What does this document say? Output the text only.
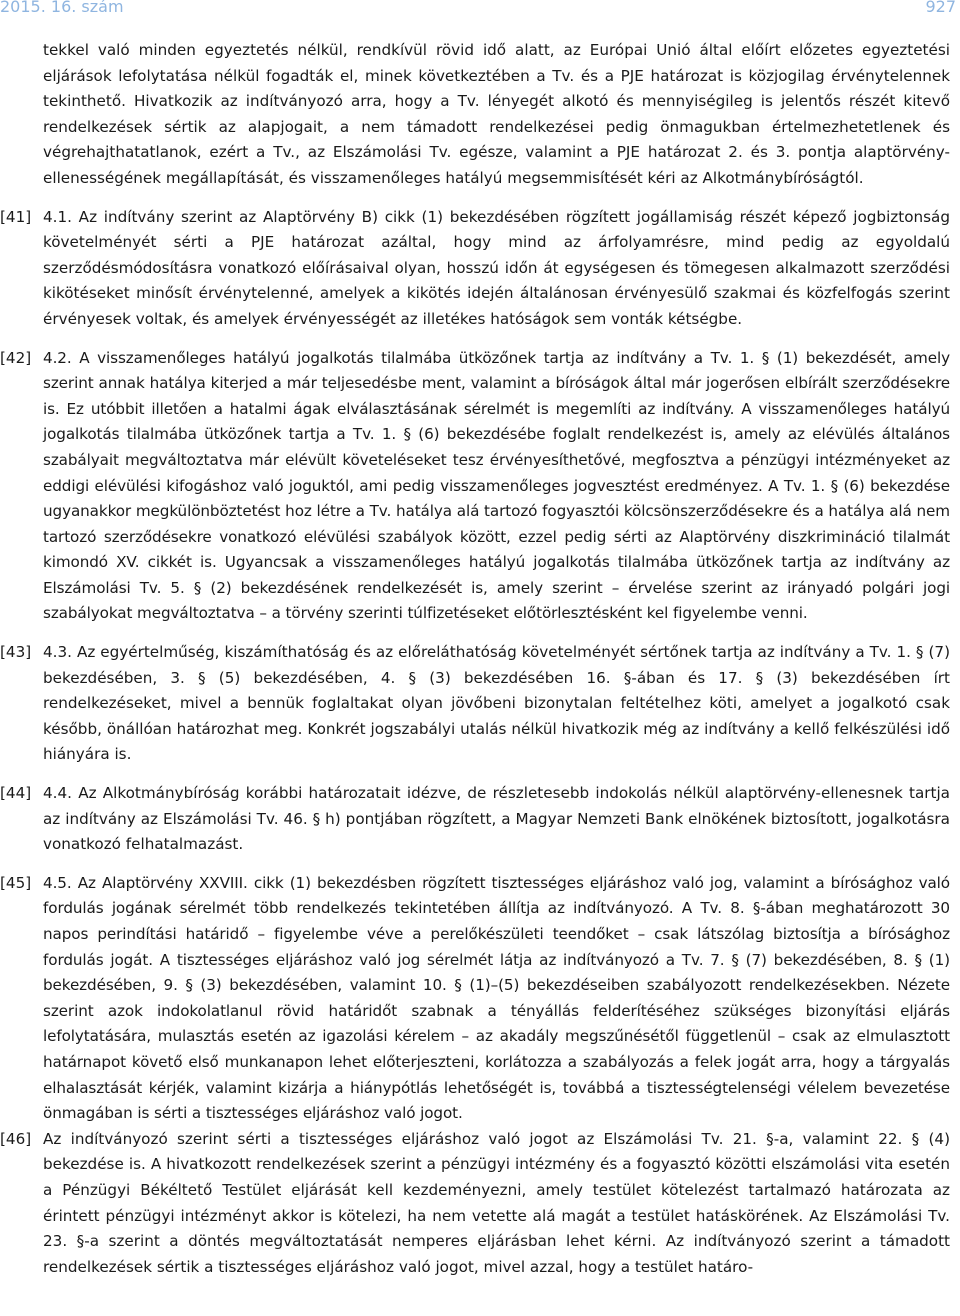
2015. 16. szám	927
tekkel való minden egyeztetés nélkül, rendkívül rövid idő alatt, az Európai Unió által előírt előzetes egyeztetési eljárások lefolytatása nélkül fogadták el, minek következtében a Tv. és a PJE határozat is közjogilag érvénytelennek tekinthető. Hivatkozik az indítványozó arra, hogy a Tv. lényegét alkotó és mennyiségileg is jelentős részét kitevő rendelkezések sértik az alapjogait, a nem támadott rendelkezései pedig önmagukban értelmezhetetlenek és végrehajthatatlanok, ezért a Tv., az Elszámolási Tv. egésze, valamint a PJE határozat 2. és 3. pontja alaptörvény-ellenességének megállapítását, és visszamenőleges hatályú megsemmisítését kéri az Alkotmánybíróságtól.
[41] 4.1. Az indítvány szerint az Alaptörvény B) cikk (1) bekezdésében rögzített jogállamiság részét képező jogbiztonság követelményét sérti a PJE határozat azáltal, hogy mind az árfolyamrésre, mind pedig az egyoldalú szerződésmódosításra vonatkozó előírásaival olyan, hosszú időn át egységesen és tömegesen alkalmazott szerződési kikötéseket minősít érvénytelenné, amelyek a kikötés idején általánosan érvényesülő szakmai és közfelfogás szerint érvényesek voltak, és amelyek érvényességét az illetékes hatóságok sem vonták kétségbe.
[42] 4.2. A visszamenőleges hatályú jogalkotás tilalmába ütközőnek tartja az indítvány a Tv. 1. § (1) bekezdését, amely szerint annak hatálya kiterjed a már teljesedésbe ment, valamint a bíróságok által már jogerősen elbírált szerződésekre is. Ez utóbbit illetően a hatalmi ágak elválasztásának sérelmét is megemlíti az indítvány. A visszamenőleges hatályú jogalkotás tilalmába ütközőnek tartja a Tv. 1. § (6) bekezdésébe foglalt rendelkezést is, amely az elévülés általános szabályait megváltoztatva már elévült követeléseket tesz érvényesíthetővé, megfosztva a pénzügyi intézményeket az eddigi elévülési kifogáshoz való joguktól, ami pedig visszamenőleges jogvesztést eredményez. A Tv. 1. § (6) bekezdése ugyanakkor megkülönböztetést hoz létre a Tv. hatálya alá tartozó fogyasztói kölcsönszerződésekre és a hatálya alá nem tartozó szerződésekre vonatkozó elévülési szabályok között, ezzel pedig sérti az Alaptörvény diszkrimináció tilalmát kimondó XV. cikkét is. Ugyancsak a visszamenőleges hatályú jogalkotás tilalmába ütközőnek tartja az indítvány az Elszámolási Tv. 5. § (2) bekezdésének rendelkezését is, amely szerint – érvelése szerint az irányadó polgári jogi szabályokat megváltoztatva – a törvény szerinti túlfizetéseket előtörlesztésként kel figyelembe venni.
[43] 4.3. Az egyértelműség, kiszámíthatóság és az előreláthatóság követelményét sértőnek tartja az indítvány a Tv. 1. § (7) bekezdésében, 3. § (5) bekezdésében, 4. § (3) bekezdésében 16. §-ában és 17. § (3) bekezdésében írt rendelkezéseket, mivel a bennük foglaltakat olyan jövőbeni bizonytalan feltételhez köti, amelyet a jogalkotó csak később, önállóan határozhat meg. Konkrét jogszabályi utalás nélkül hivatkozik még az indítvány a kellő felkészülési idő hiányára is.
[44] 4.4. Az Alkotmánybíróság korábbi határozatait idézve, de részletesebb indokolás nélkül alaptörvény-ellenesnek tartja az indítvány az Elszámolási Tv. 46. § h) pontjában rögzített, a Magyar Nemzeti Bank elnökének biztosított, jogalkotásra vonatkozó felhatalmazást.
[45] 4.5. Az Alaptörvény XXVIII. cikk (1) bekezdésben rögzített tisztességes eljáráshoz való jog, valamint a bírósághoz való fordulás jogának sérelmét több rendelkezés tekintetében állítja az indítványozó. A Tv. 8. §-ában meghatározott 30 napos perindítási határidő – figyelembe véve a perelőkészületi teendőket – csak látszólag biztosítja a bírósághoz fordulás jogát. A tisztességes eljáráshoz való jog sérelmét látja az indítványozó a Tv. 7. § (7) bekezdésében, 8. § (1) bekezdésében, 9. § (3) bekezdésében, valamint 10. § (1)–(5) bekezdéseiben szabályozott rendelkezésekben. Nézete szerint azok indokolatlanul rövid határidőt szabnak a tényállás felderítéséhez szükséges bizonyítási eljárás lefolytatására, mulasztás esetén az igazolási kérelem – az akadály megszűnésétől függetlenül – csak az elmulasztott határnapot követő első munkanapon lehet előterjeszteni, korlátozza a szabályozás a felek jogát arra, hogy a tárgyalás elhalasztását kérjék, valamint kizárja a hiánypótlás lehetőségét is, továbbá a tisztességtelenségi vélelem bevezetése önmagában is sérti a tisztességes eljáráshoz való jogot.
[46] Az indítványozó szerint sérti a tisztességes eljáráshoz való jogot az Elszámolási Tv. 21. §-a, valamint 22. § (4) bekezdése is. A hivatkozott rendelkezések szerint a pénzügyi intézmény és a fogyasztó közötti elszámolási vita esetén a Pénzügyi Békéltető Testület eljárását kell kezdeményezni, amely testület kötelezést tartalmazó határozata az érintett pénzügyi intézményt akkor is kötelezi, ha nem vetette alá magát a testület hatáskörének. Az Elszámolási Tv. 23. §-a szerint a döntés megváltoztatását nemperes eljárásban lehet kérni. Az indítványozó szerint a támadott rendelkezések sértik a tisztességes eljáráshoz való jogot, mivel azzal, hogy a testület határo-
